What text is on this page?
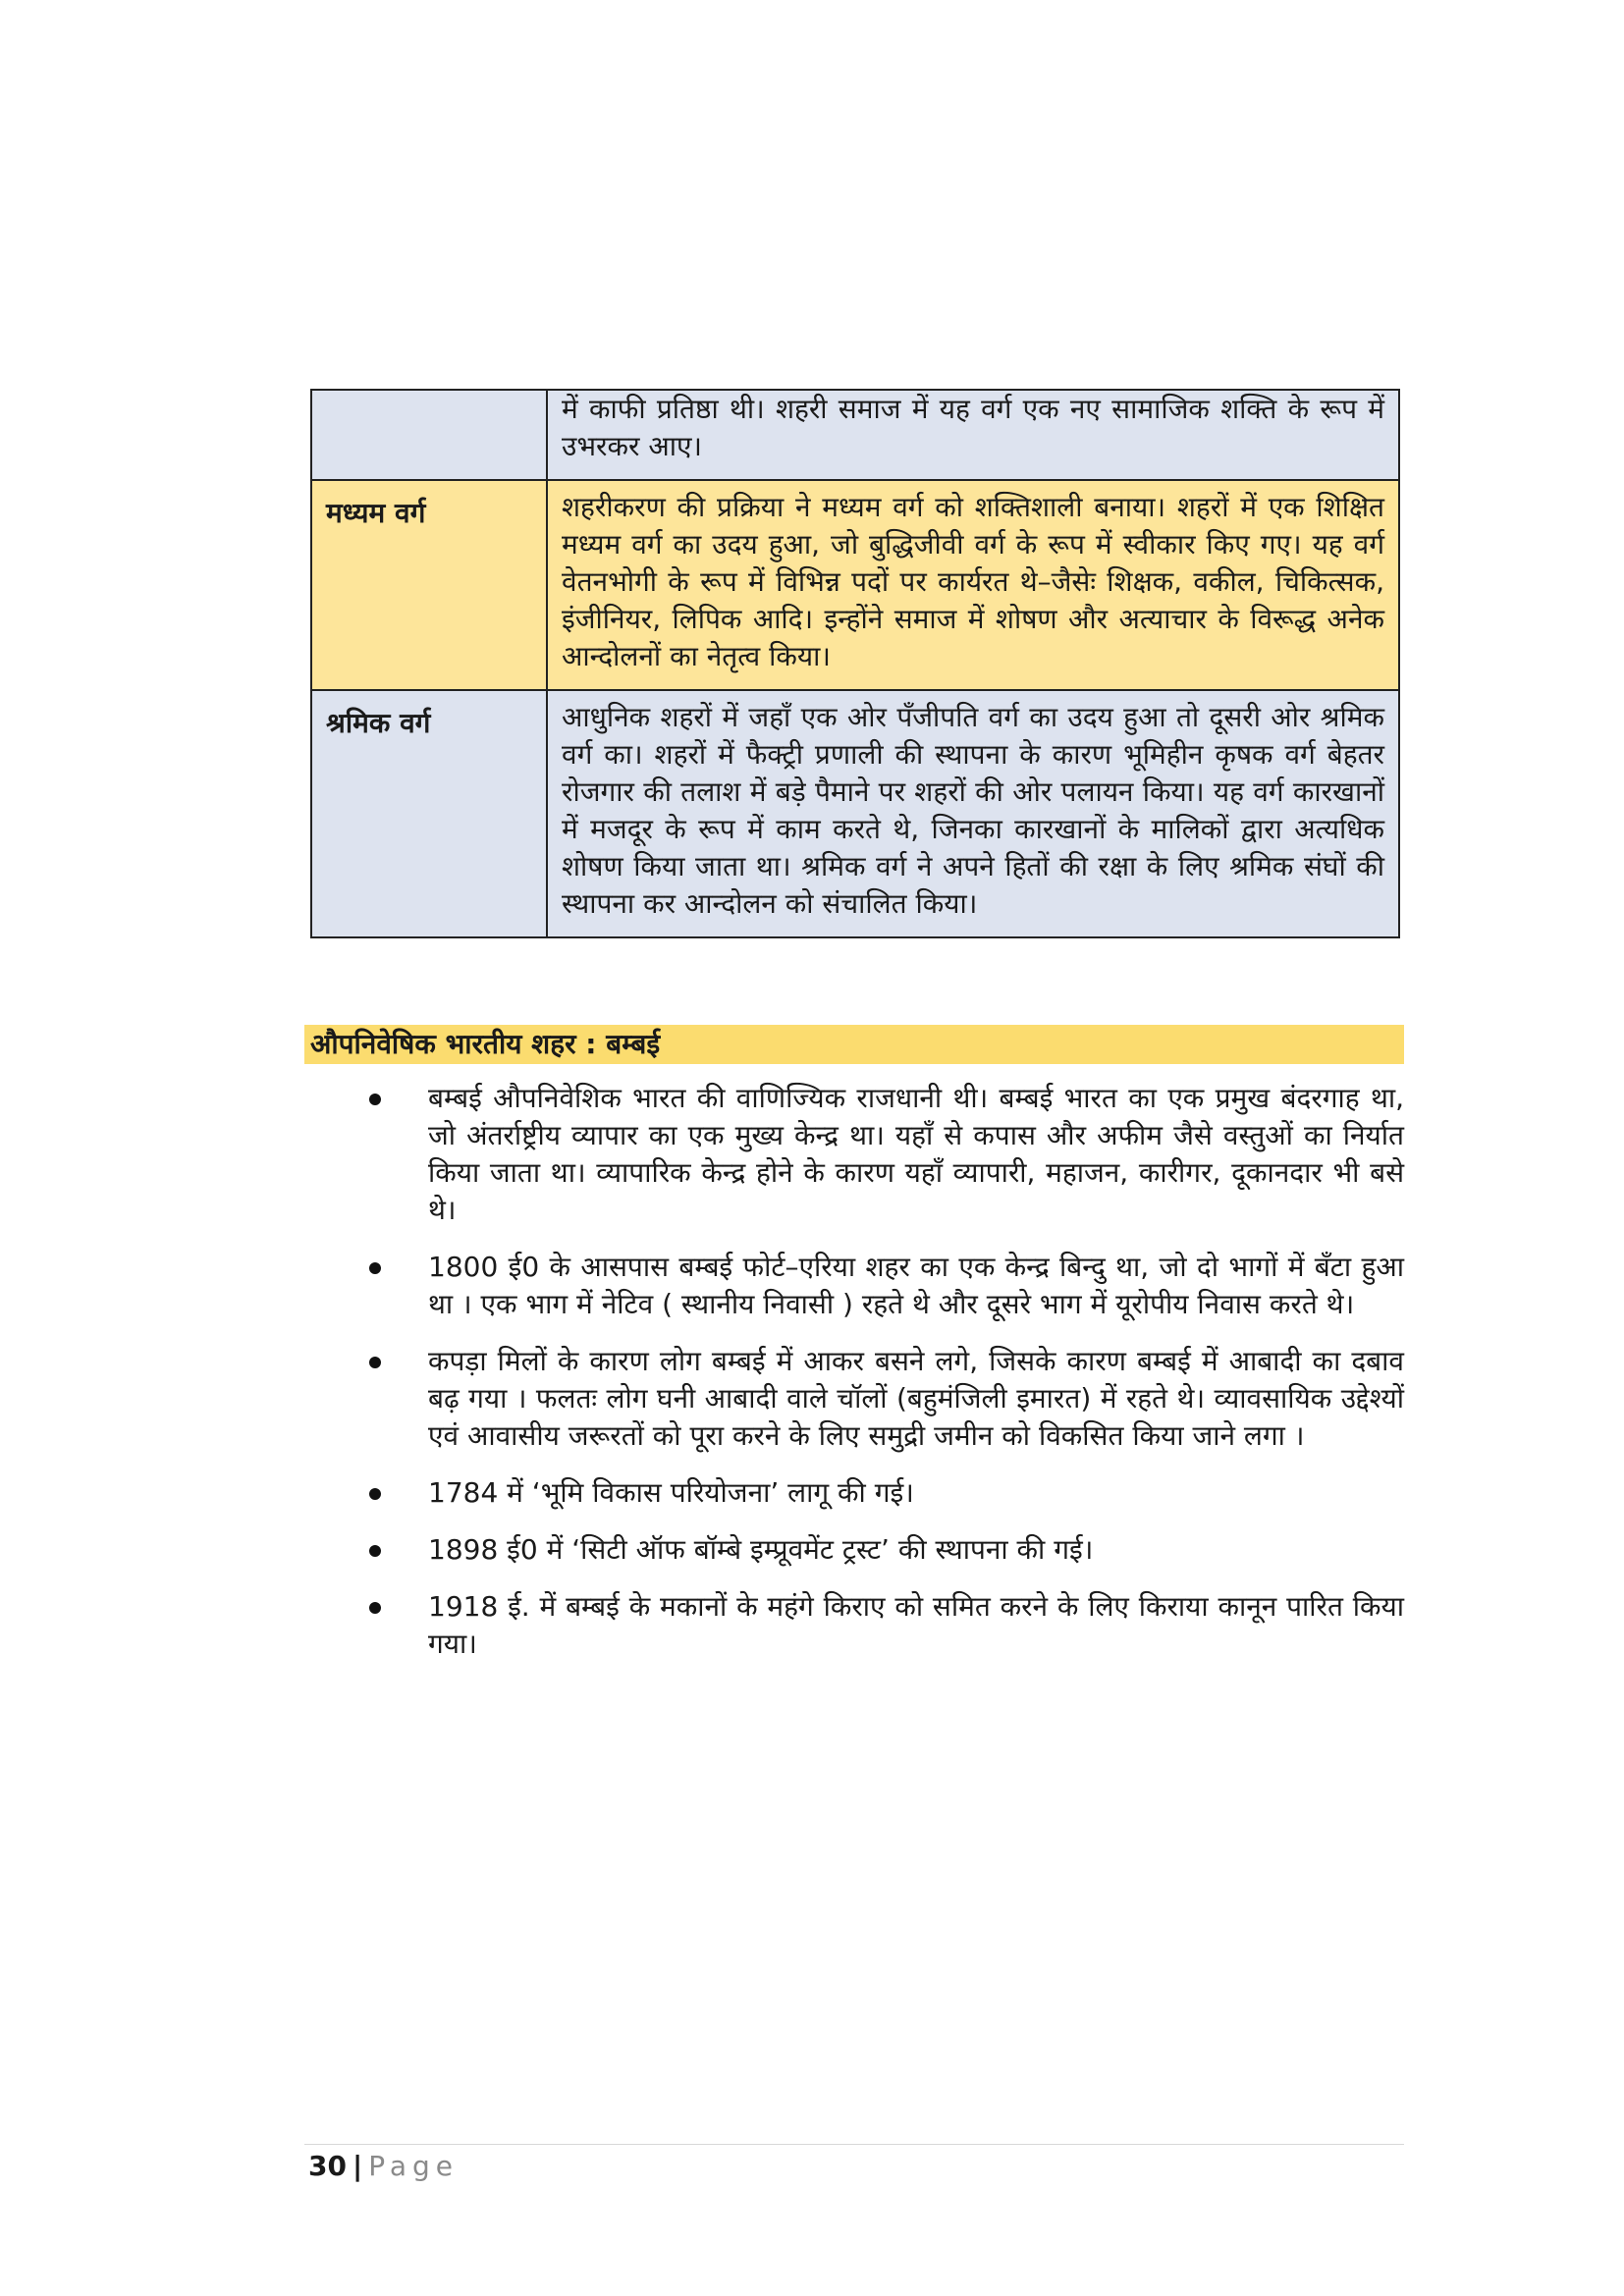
	में काफी प्रतिष्ठा थी। शहरी समाज में यह वर्ग एक नए सामाजिक शक्ति के रूप में उभरकर आए।
मध्यम वर्ग	शहरीकरण की प्रक्रिया ने मध्यम वर्ग को शक्तिशाली बनाया। शहरों में एक शिक्षित मध्यम वर्ग का उदय हुआ, जो बुद्धिजीवी वर्ग के रूप में स्वीकार किए गए। यह वर्ग वेतनभोगी के रूप में विभिन्न पदों पर कार्यरत थे–जैसेः शिक्षक, वकील, चिकित्सक, इंजीनियर, लिपिक आदि। इन्होंने समाज में शोषण और अत्याचार के विरूद्ध अनेक आन्दोलनों का नेतृत्व किया।
श्रमिक वर्ग	आधुनिक शहरों में जहाँ एक ओर पँजीपति वर्ग का उदय हुआ तो दूसरी ओर श्रमिक वर्ग का। शहरों में फैक्ट्री प्रणाली की स्थापना के कारण भूमिहीन कृषक वर्ग बेहतर रोजगार की तलाश में बड़े पैमाने पर शहरों की ओर पलायन किया। यह वर्ग कारखानों में मजदूर के रूप में काम करते थे, जिनका कारखानों के मालिकों द्वारा अत्यधिक शोषण किया जाता था। श्रमिक वर्ग ने अपने हितों की रक्षा के लिए श्रमिक संघों की स्थापना कर आन्दोलन को संचालित किया।
औपनिवेषिक भारतीय शहर : बम्बई
बम्बई औपनिवेशिक भारत की वाणिज्यिक राजधानी थी। बम्बई भारत का एक प्रमुख बंदरगाह था, जो अंतर्राष्ट्रीय व्यापार का एक मुख्य केन्द्र था। यहाँ से कपास और अफीम जैसे वस्तुओं का निर्यात किया जाता था। व्यापारिक केन्द्र होने के कारण यहाँ व्यापारी, महाजन, कारीगर, दूकानदार भी बसे थे।
1800 ई0 के आसपास बम्बई फोर्ट–एरिया शहर का एक केन्द्र बिन्दु था, जो दो भागों में बँटा हुआ था । एक भाग में नेटिव ( स्थानीय निवासी ) रहते थे और दूसरे भाग में यूरोपीय निवास करते थे।
कपड़ा मिलों के कारण लोग बम्बई में आकर बसने लगे, जिसके कारण बम्बई में आबादी का दबाव बढ़ गया । फलतः लोग घनी आबादी वाले चॉलों (बहुमंजिली इमारत) में रहते थे। व्यावसायिक उद्देश्यों एवं आवासीय जरूरतों को पूरा करने के लिए समुद्री जमीन को विकसित किया जाने लगा ।
1784 में ‘भूमि विकास परियोजना’ लागू की गई।
1898 ई0 में ‘सिटी ऑफ बॉम्बे इम्प्रूवमेंट ट्रस्ट’ की स्थापना की गई।
1918 ई. में बम्बई के मकानों के महंगे किराए को समित करने के लिए किराया कानून पारित किया गया।
30 | Page
